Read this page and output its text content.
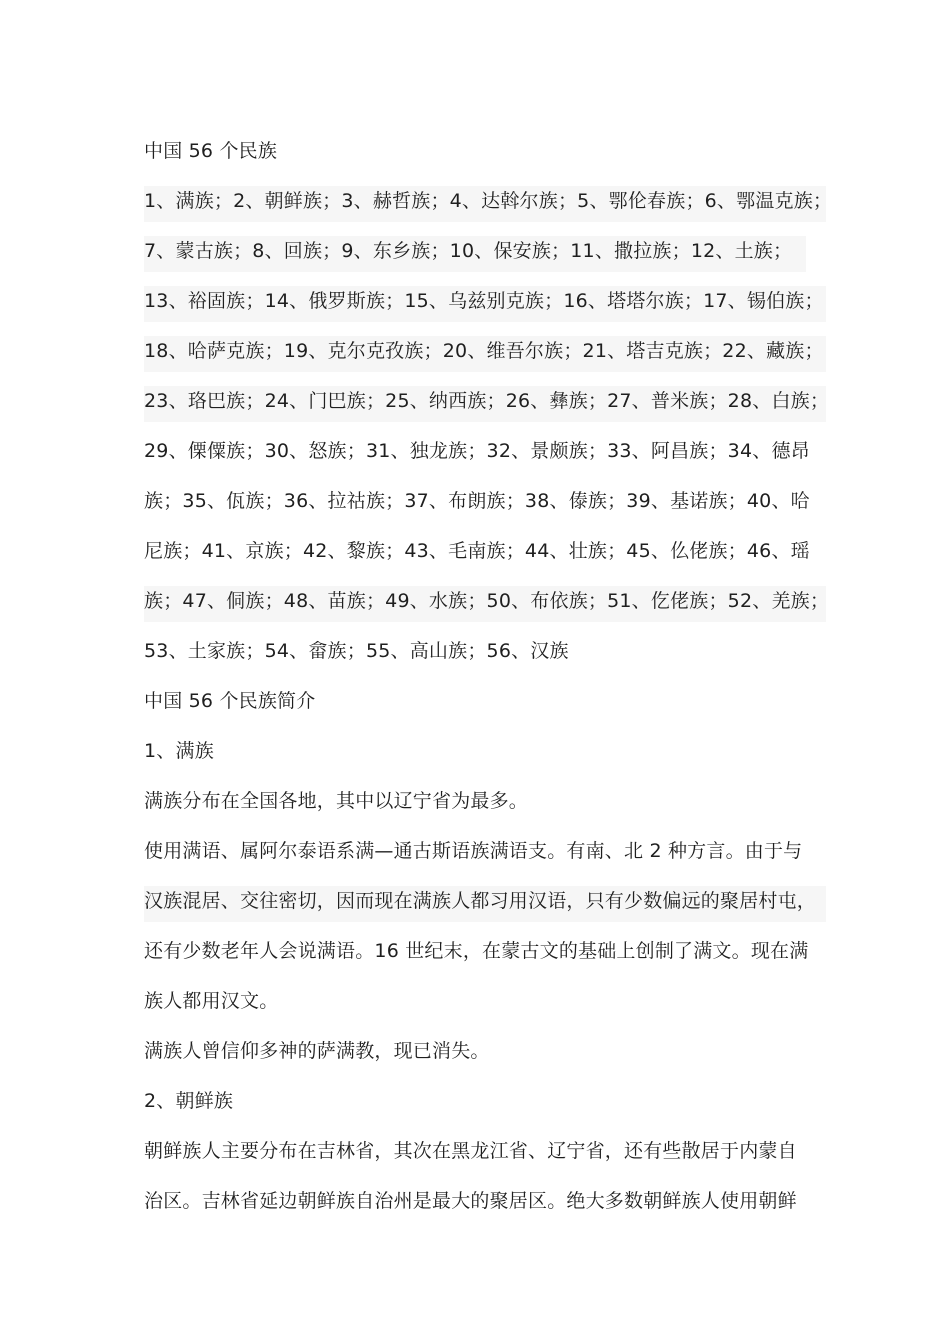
中国 56 个民族
1、满族；2、朝鲜族；3、赫哲族；4、达斡尔族；5、鄂伦春族；6、鄂温克族；
7、蒙古族；8、回族；9、东乡族；10、保安族；11、撒拉族；12、土族；
13、裕固族；14、俄罗斯族；15、乌兹别克族；16、塔塔尔族；17、锡伯族；
18、哈萨克族；19、克尔克孜族；20、维吾尔族；21、塔吉克族；22、藏族；
23、珞巴族；24、门巴族；25、纳西族；26、彝族；27、普米族；28、白族；
29、傈僳族；30、怒族；31、独龙族；32、景颇族；33、阿昌族；34、德昂
族；35、佤族；36、拉祜族；37、布朗族；38、傣族；39、基诺族；40、哈
尼族；41、京族；42、黎族；43、毛南族；44、壮族；45、仫佬族；46、瑶
族；47、侗族；48、苗族；49、水族；50、布依族；51、仡佬族；52、羌族；
53、土家族；54、畲族；55、高山族；56、汉族
中国 56 个民族简介
1、满族
满族分布在全国各地，其中以辽宁省为最多。
使用满语、属阿尔泰语系满—通古斯语族满语支。有南、北 2 种方言。由于与
汉族混居、交往密切，因而现在满族人都习用汉语，只有少数偏远的聚居村屯，
还有少数老年人会说满语。16 世纪末，在蒙古文的基础上创制了满文。现在满
族人都用汉文。
满族人曾信仰多神的萨满教，现已消失。
2、朝鲜族
朝鲜族人主要分布在吉林省，其次在黑龙江省、辽宁省，还有些散居于内蒙自
治区。吉林省延边朝鲜族自治州是最大的聚居区。绝大多数朝鲜族人使用朝鲜
